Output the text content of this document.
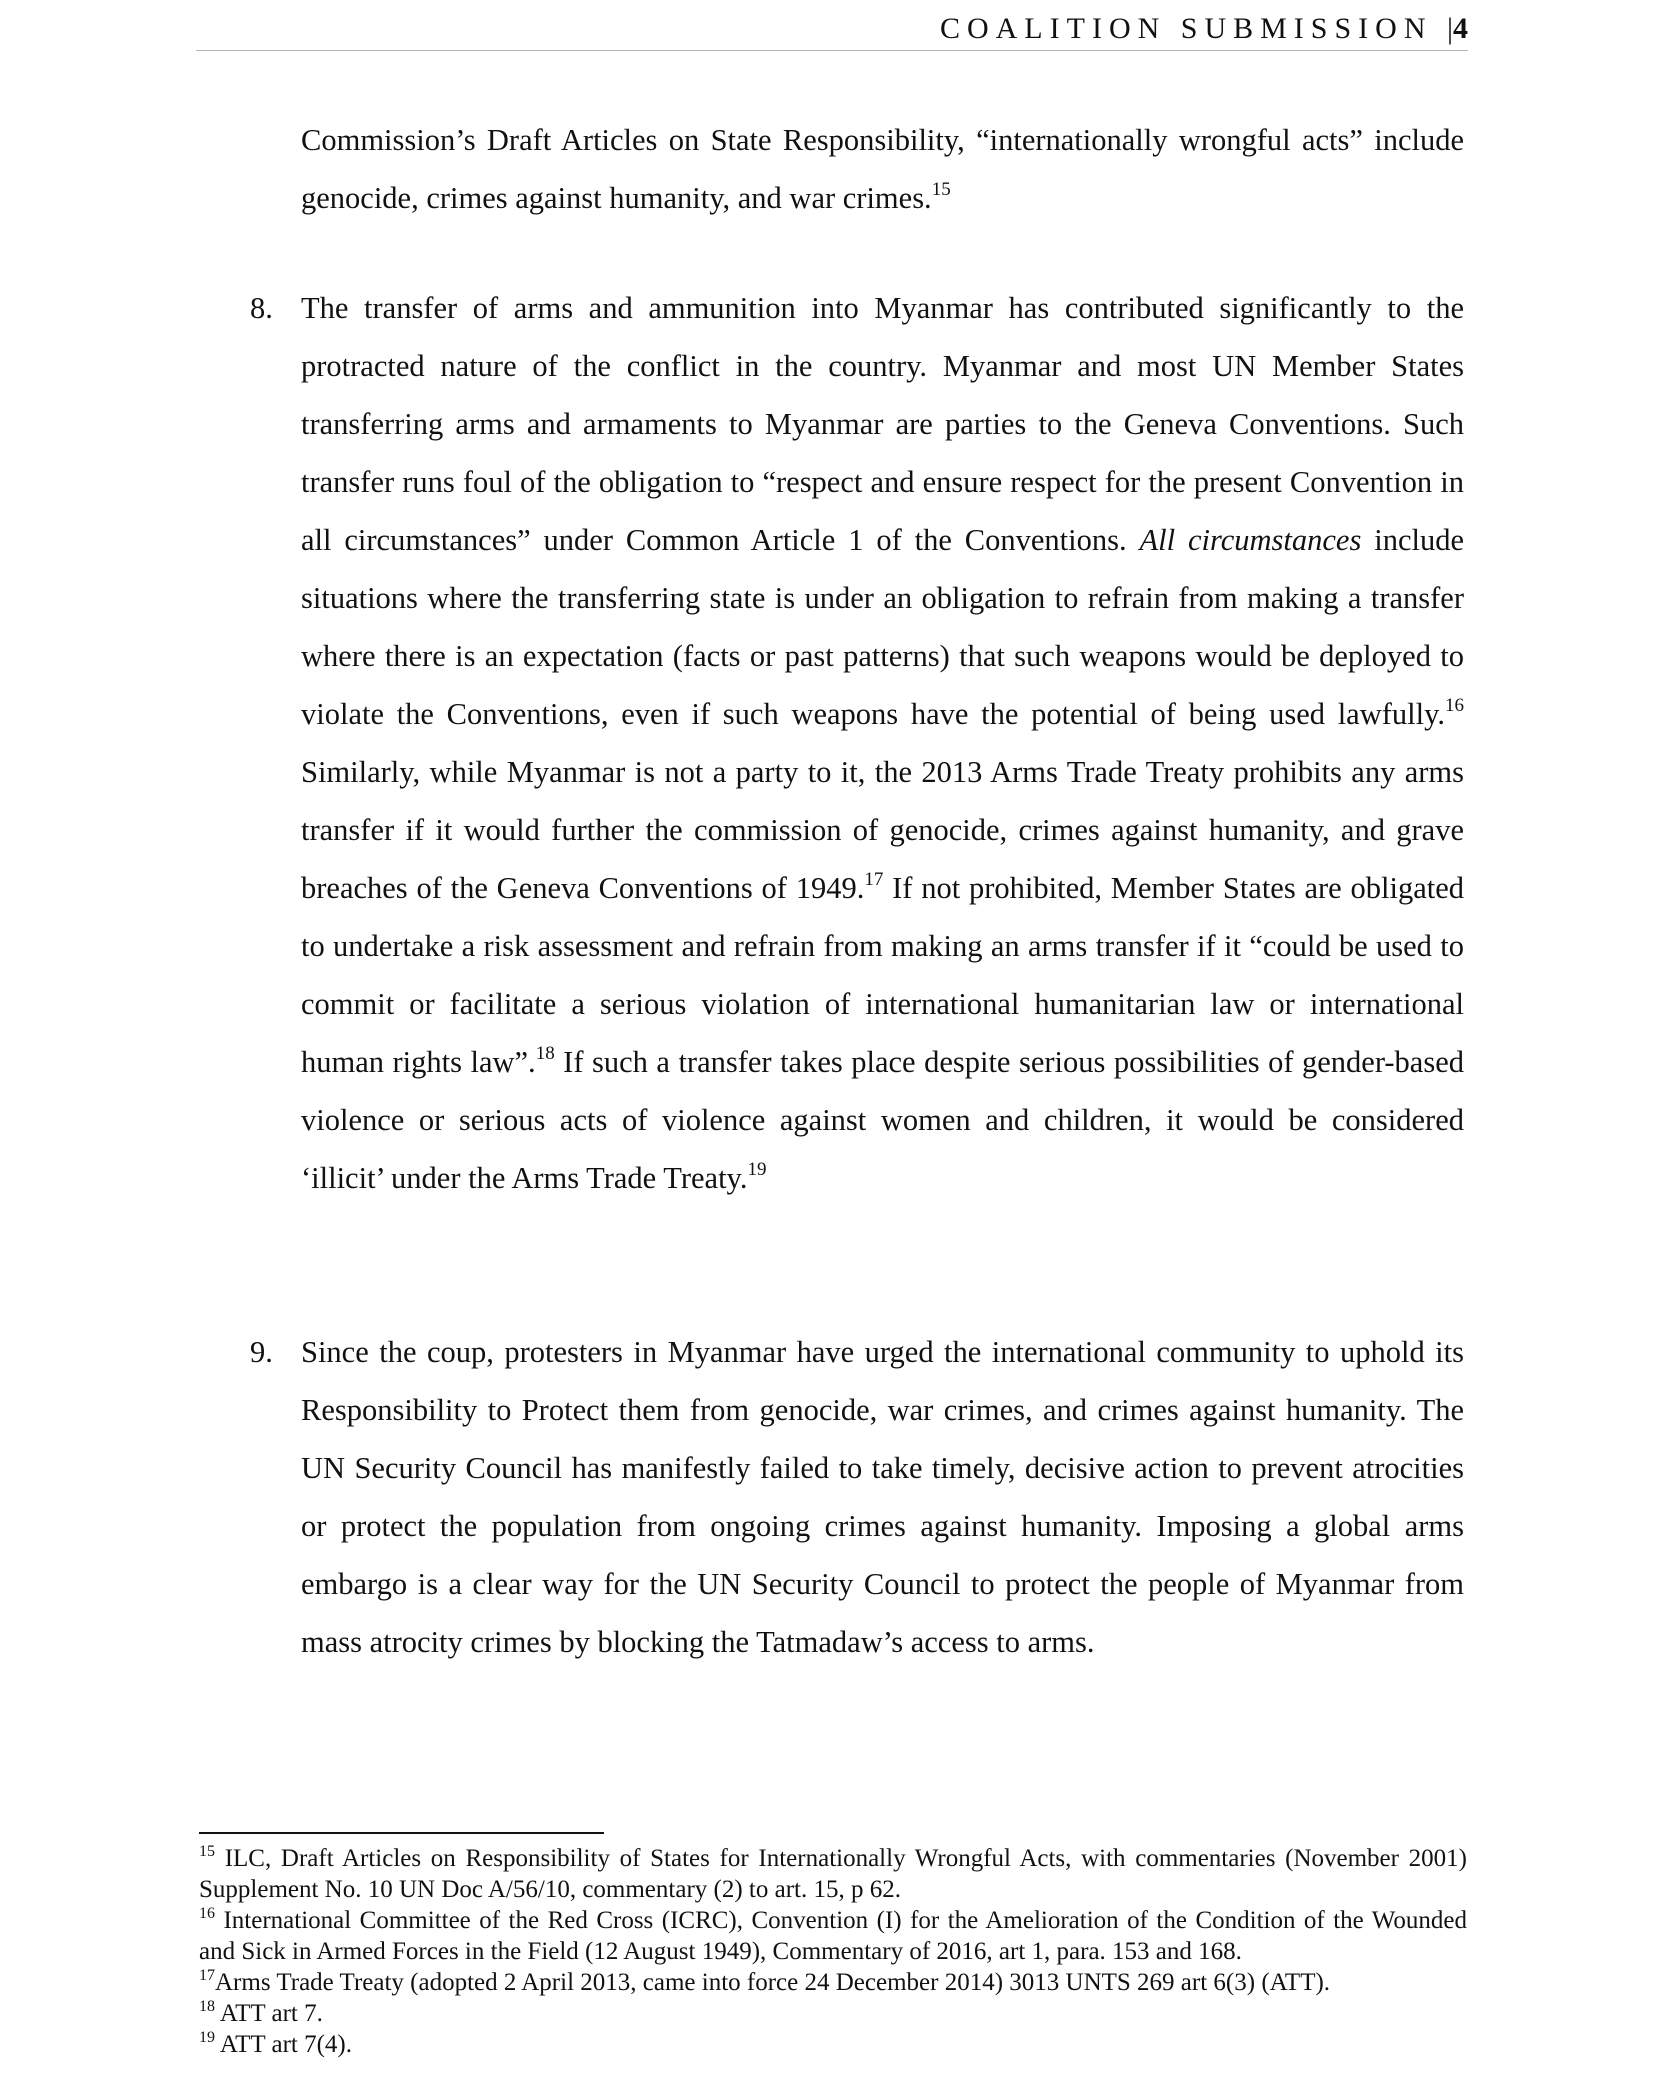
COALITION SUBMISSION |4

Commission’s Draft Articles on State Responsibility, “internationally wrongful acts” include genocide, crimes against humanity, and war crimes.$^{15}$

8. The transfer of arms and ammunition into Myanmar has contributed significantly to the protracted nature of the conflict in the country. Myanmar and most UN Member States transferring arms and armaments to Myanmar are parties to the Geneva Conventions. Such transfer runs foul of the obligation to “respect and ensure respect for the present Convention in all circumstances” under Common Article 1 of the Conventions. All circumstances include situations where the transferring state is under an obligation to refrain from making a transfer where there is an expectation (facts or past patterns) that such weapons would be deployed to violate the Conventions, even if such weapons have the potential of being used lawfully.$^{16}$ Similarly, while Myanmar is not a party to it, the 2013 Arms Trade Treaty prohibits any arms transfer if it would further the commission of genocide, crimes against humanity, and grave breaches of the Geneva Conventions of 1949.17 If not prohibited, Member States are obligated to undertake a risk assessment and refrain from making an arms transfer if it “could be used to commit or facilitate a serious violation of international humanitarian law or international human rights law”.$^{18}$ If such a transfer takes place despite serious possibilities of gender-based violence or serious acts of violence against women and children, it would be considered ‘illicit’ under the Arms Trade Treaty.$^{19}$

9. Since the coup, protesters in Myanmar have urged the international community to uphold its Responsibility to Protect them from genocide, war crimes, and crimes against humanity. The UN Security Council has manifestly failed to take timely, decisive action to prevent atrocities or protect the population from ongoing crimes against humanity. Imposing a global arms embargo is a clear way for the UN Security Council to protect the people of Myanmar from mass atrocity crimes by blocking the Tatmadaw’s access to arms.

$^{15}$ ILC, Draft Articles on Responsibility of States for Internationally Wrongful Acts, with commentaries (November 2001) Supplement No. 10 UN Doc A/56/10, commentary (2) to art. 15, p 62.

$^{16}$ International Committee of the Red Cross (ICRC), Convention (I) for the Amelioration of the Condition of the Wounded and Sick in Armed Forces in the Field (12 August 1949), Commentary of 2016, art 1, para. 153 and 168.

$^{17}$Arms Trade Treaty (adopted 2 April 2013, came into force 24 December 2014) 3013 UNTS 269 art 6(3) (ATT).

$^{18}$ ATT art 7.

$^{19}$ ATT art 7(4).
